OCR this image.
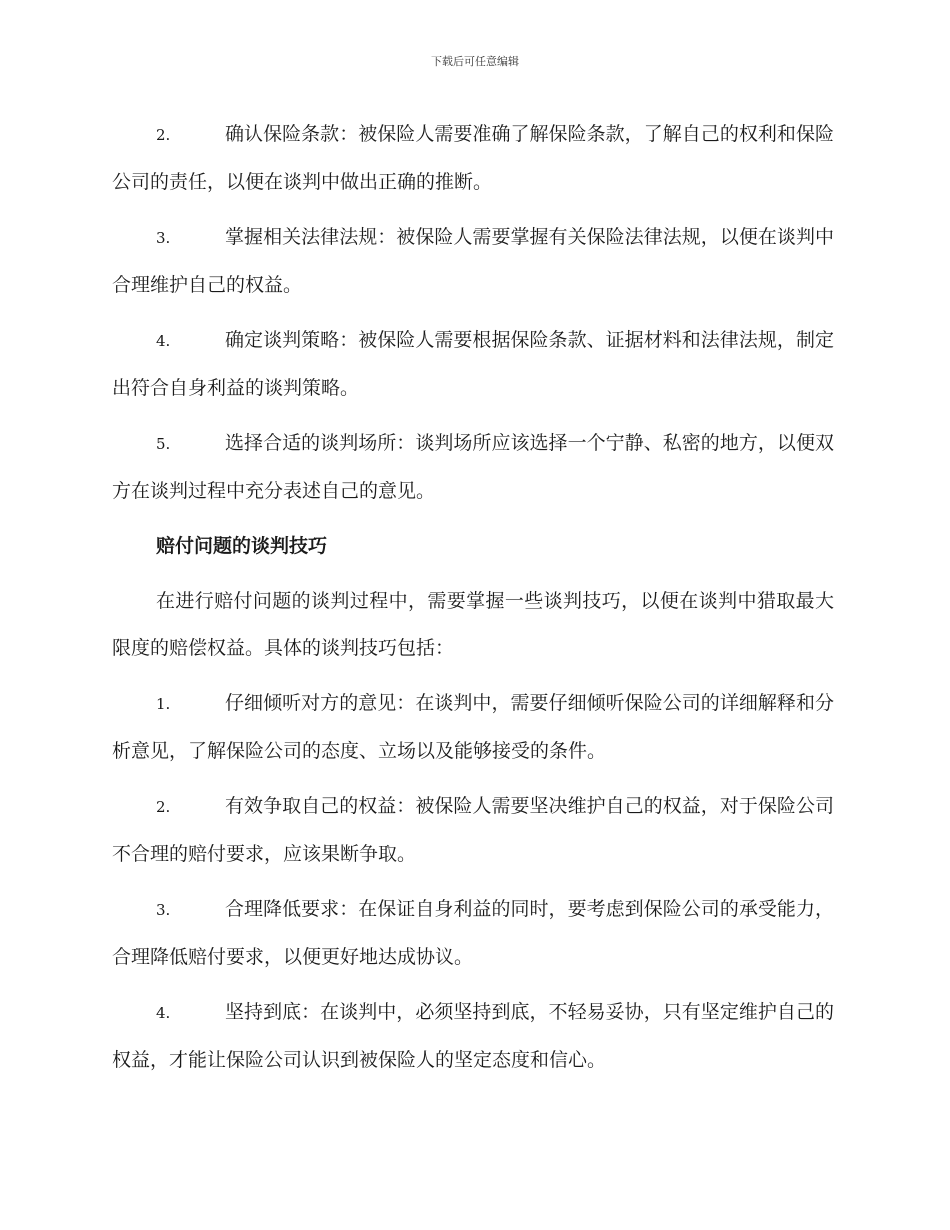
下载后可任意编辑
2.	确认保险条款：被保险人需要准确了解保险条款，了解自己的权利和保险公司的责任，以便在谈判中做出正确的推断。
3.	掌握相关法律法规：被保险人需要掌握有关保险法律法规，以便在谈判中合理维护自己的权益。
4.	确定谈判策略：被保险人需要根据保险条款、证据材料和法律法规，制定出符合自身利益的谈判策略。
5.	选择合适的谈判场所：谈判场所应该选择一个宁静、私密的地方，以便双方在谈判过程中充分表述自己的意见。
赔付问题的谈判技巧
在进行赔付问题的谈判过程中，需要掌握一些谈判技巧，以便在谈判中猎取最大限度的赔偿权益。具体的谈判技巧包括：
1.	仔细倾听对方的意见：在谈判中，需要仔细倾听保险公司的详细解释和分析意见，了解保险公司的态度、立场以及能够接受的条件。
2.	有效争取自己的权益：被保险人需要坚决维护自己的权益，对于保险公司不合理的赔付要求，应该果断争取。
3.	合理降低要求：在保证自身利益的同时，要考虑到保险公司的承受能力，合理降低赔付要求，以便更好地达成协议。
4.	坚持到底：在谈判中，必须坚持到底，不轻易妥协，只有坚定维护自己的权益，才能让保险公司认识到被保险人的坚定态度和信心。
